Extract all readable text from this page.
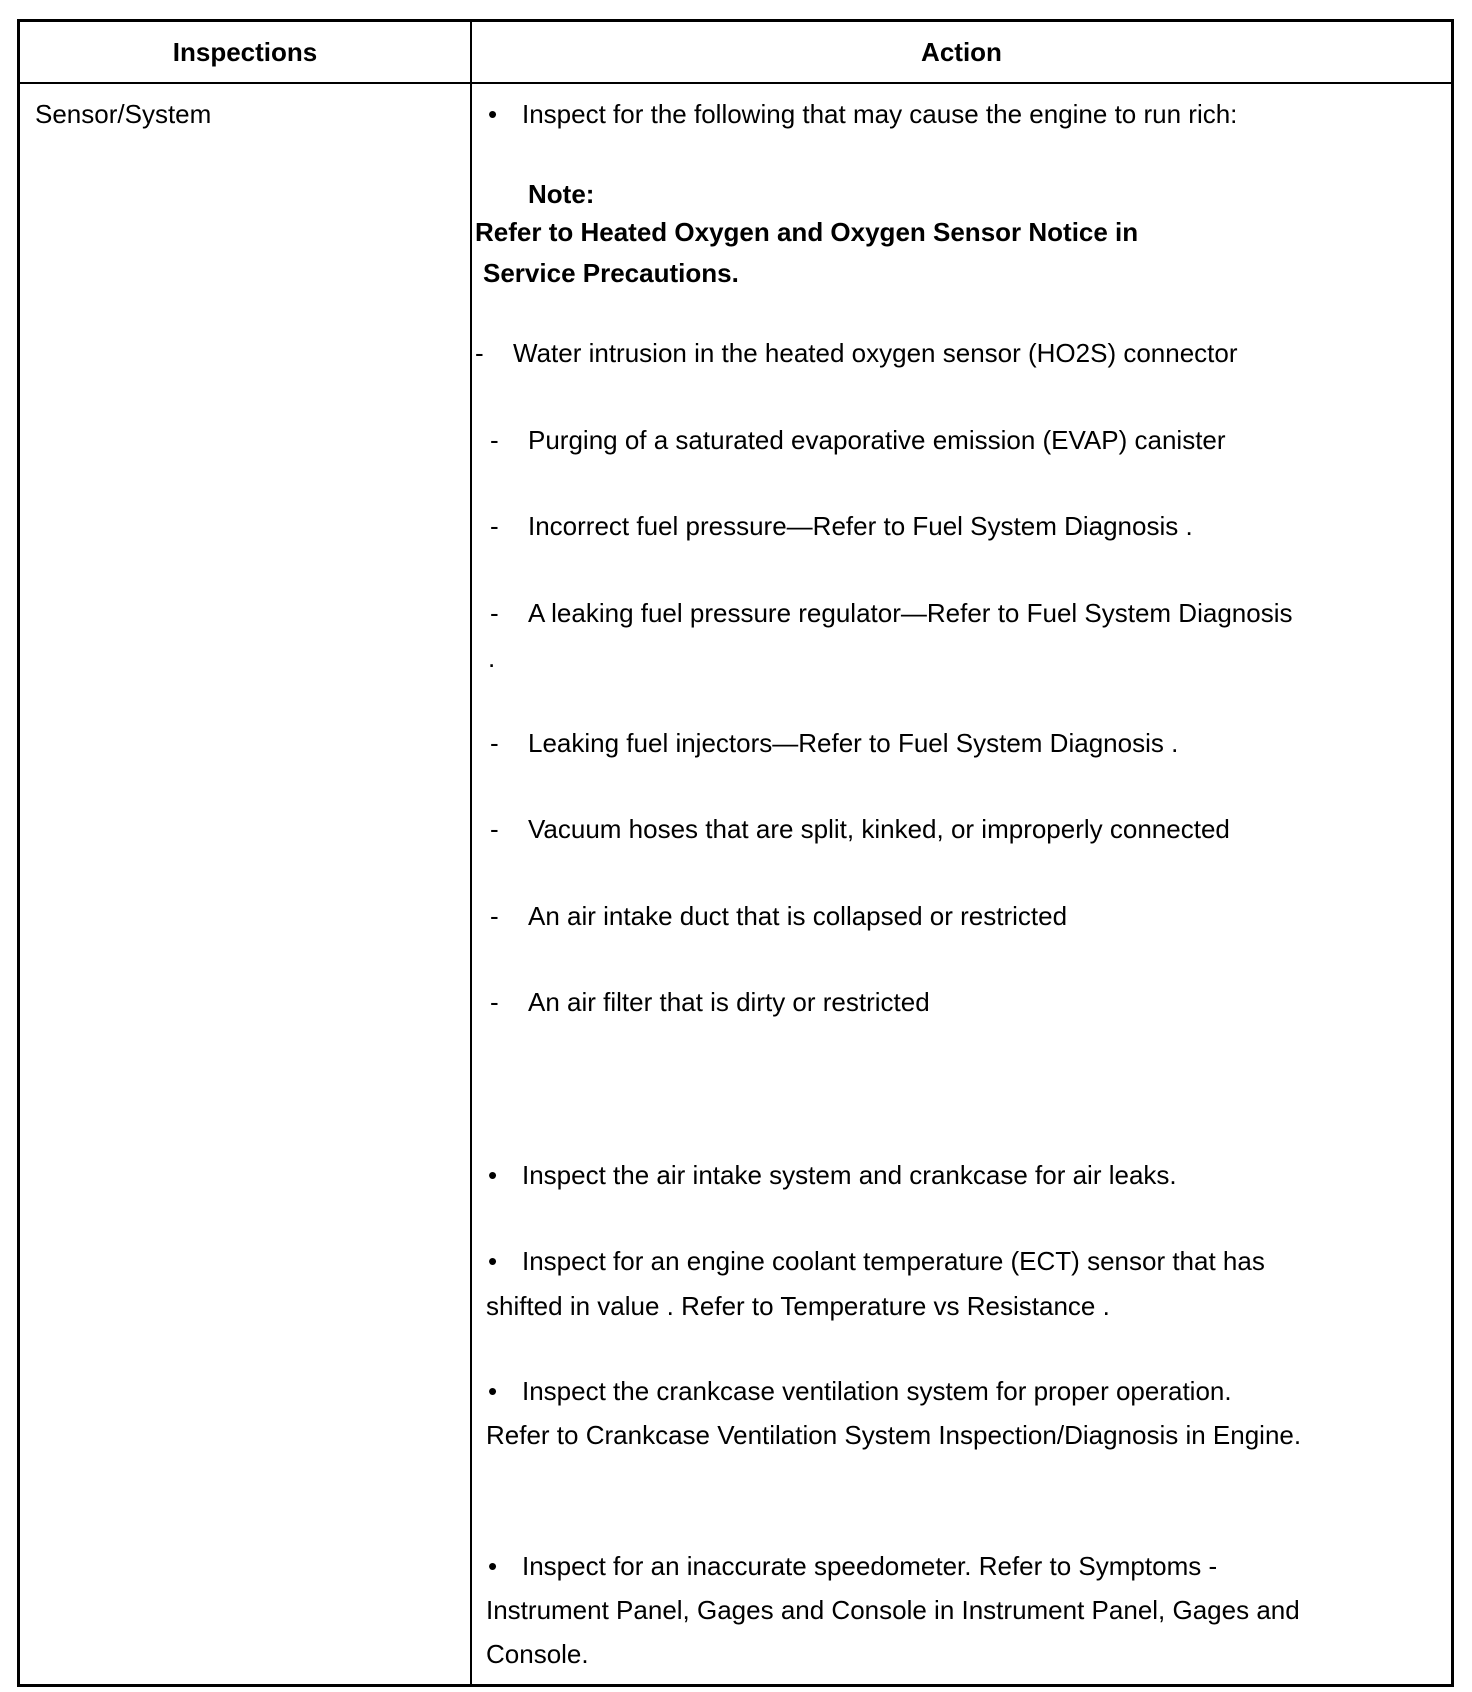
Inspections	Action
Sensor/System	• Inspect for the following that may cause the engine to run rich:
Note:
Refer to Heated Oxygen and Oxygen Sensor Notice in
Service Precautions.
- Water intrusion in the heated oxygen sensor (HO2S) connector
- Purging of a saturated evaporative emission (EVAP) canister
- Incorrect fuel pressure—Refer to Fuel System Diagnosis .
- A leaking fuel pressure regulator—Refer to Fuel System Diagnosis
.
- Leaking fuel injectors—Refer to Fuel System Diagnosis .
- Vacuum hoses that are split, kinked, or improperly connected
- An air intake duct that is collapsed or restricted
- An air filter that is dirty or restricted
• Inspect the air intake system and crankcase for air leaks.
• Inspect for an engine coolant temperature (ECT) sensor that has
shifted in value . Refer to Temperature vs Resistance .
• Inspect the crankcase ventilation system for proper operation.
Refer to Crankcase Ventilation System Inspection/Diagnosis in Engine.
• Inspect for an inaccurate speedometer. Refer to Symptoms -
Instrument Panel, Gages and Console in Instrument Panel, Gages and
Console.
